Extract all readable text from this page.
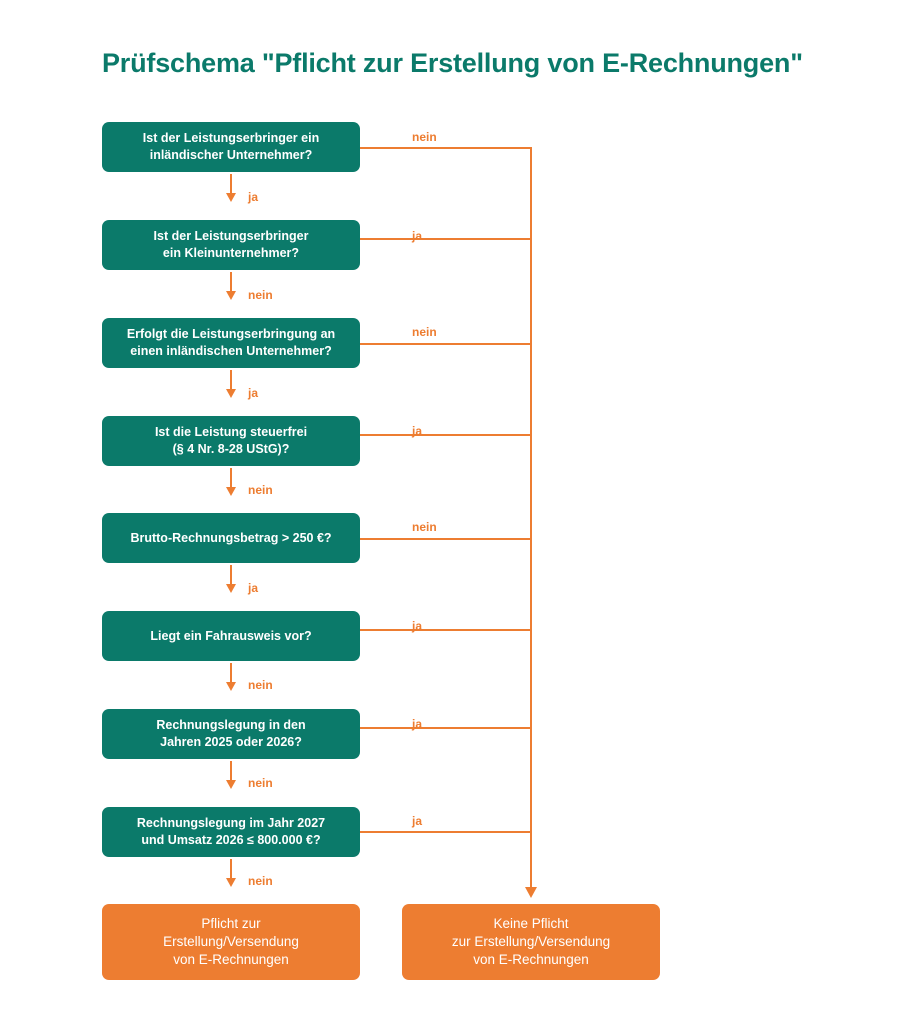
Prüfschema "Pflicht zur Erstellung von E-Rechnungen"
Ist der Leistungserbringer ein
inländischer Unternehmer?
nein
ja
Ist der Leistungserbringer
ein Kleinunternehmer?
ja
nein
Erfolgt die Leistungserbringung an
einen inländischen Unternehmer?
nein
ja
Ist die Leistung steuerfrei
(§ 4 Nr. 8-28 UStG)?
ja
nein
Brutto-Rechnungsbetrag > 250 €?
nein
ja
Liegt ein Fahrausweis vor?
ja
nein
Rechnungslegung in den
Jahren 2025 oder 2026?
ja
nein
Rechnungslegung im Jahr 2027
und Umsatz 2026 ≤ 800.000 €?
ja
nein
Pflicht zur
Erstellung/Versendung
von E-Rechnungen
Keine Pflicht
zur Erstellung/Versendung
von E-Rechnungen
